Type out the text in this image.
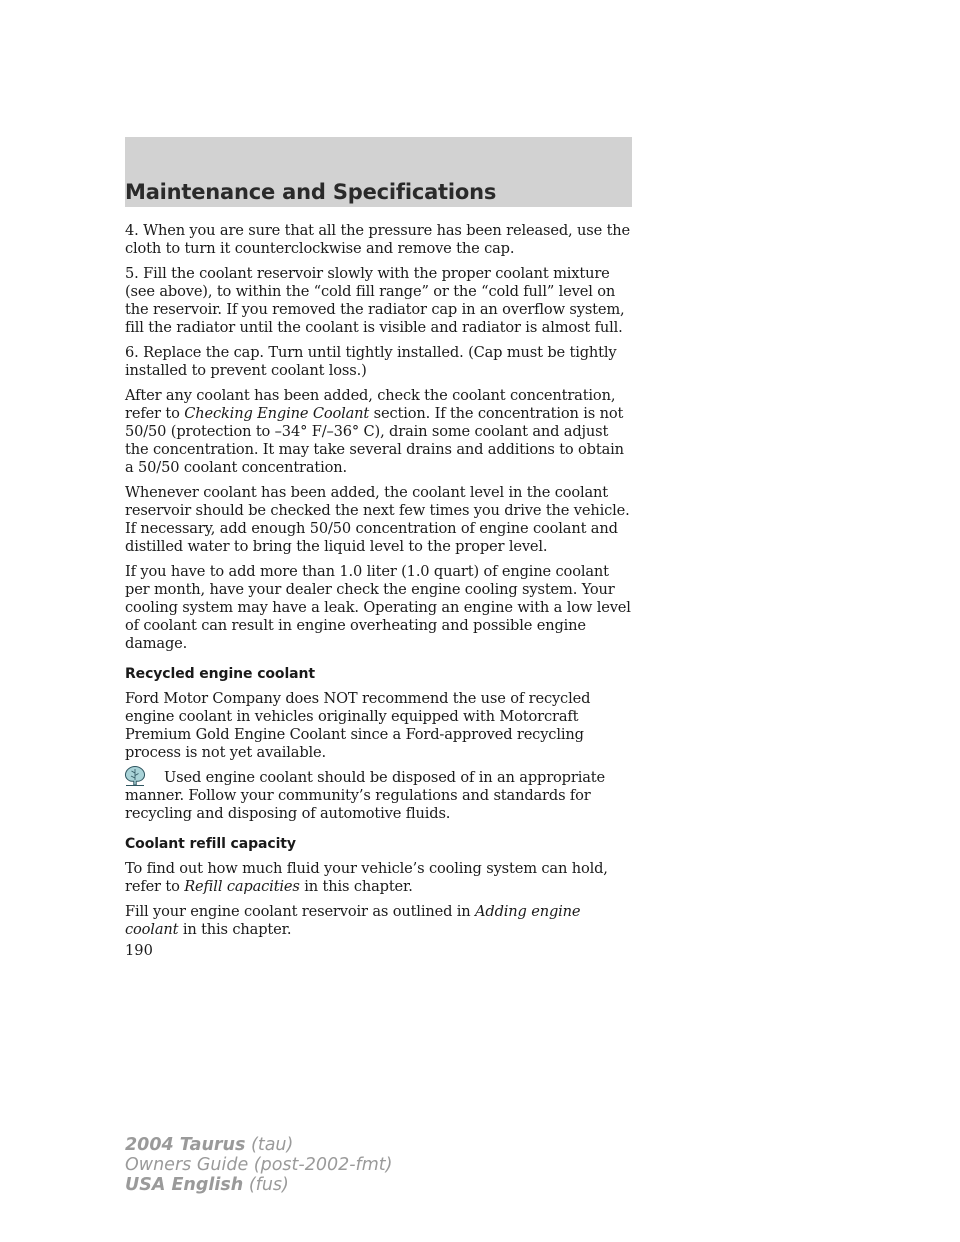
Maintenance and Specifications

4. When you are sure that all the pressure has been released, use the cloth to turn it counterclockwise and remove the cap.

5. Fill the coolant reservoir slowly with the proper coolant mixture (see above), to within the “cold fill range” or the “cold full” level on the reservoir. If you removed the radiator cap in an overflow system, fill the radiator until the coolant is visible and radiator is almost full.

6. Replace the cap. Turn until tightly installed. (Cap must be tightly installed to prevent coolant loss.)

After any coolant has been added, check the coolant concentration, refer to Checking Engine Coolant section. If the concentration is not 50/50 (protection to –34° F/–36° C), drain some coolant and adjust the concentration. It may take several drains and additions to obtain a 50/50 coolant concentration.

Whenever coolant has been added, the coolant level in the coolant reservoir should be checked the next few times you drive the vehicle. If necessary, add enough 50/50 concentration of engine coolant and distilled water to bring the liquid level to the proper level.

If you have to add more than 1.0 liter (1.0 quart) of engine coolant per month, have your dealer check the engine cooling system. Your cooling system may have a leak. Operating an engine with a low level of coolant can result in engine overheating and possible engine damage.

Recycled engine coolant

Ford Motor Company does NOT recommend the use of recycled engine coolant in vehicles originally equipped with Motorcraft Premium Gold Engine Coolant since a Ford-approved recycling process is not yet available.

Used engine coolant should be disposed of in an appropriate manner. Follow your community’s regulations and standards for recycling and disposing of automotive fluids.

Coolant refill capacity

To find out how much fluid your vehicle’s cooling system can hold, refer to Refill capacities in this chapter.

Fill your engine coolant reservoir as outlined in Adding engine coolant in this chapter.

190
2004 Taurus (tau)
Owners Guide (post-2002-fmt)
USA English (fus)
